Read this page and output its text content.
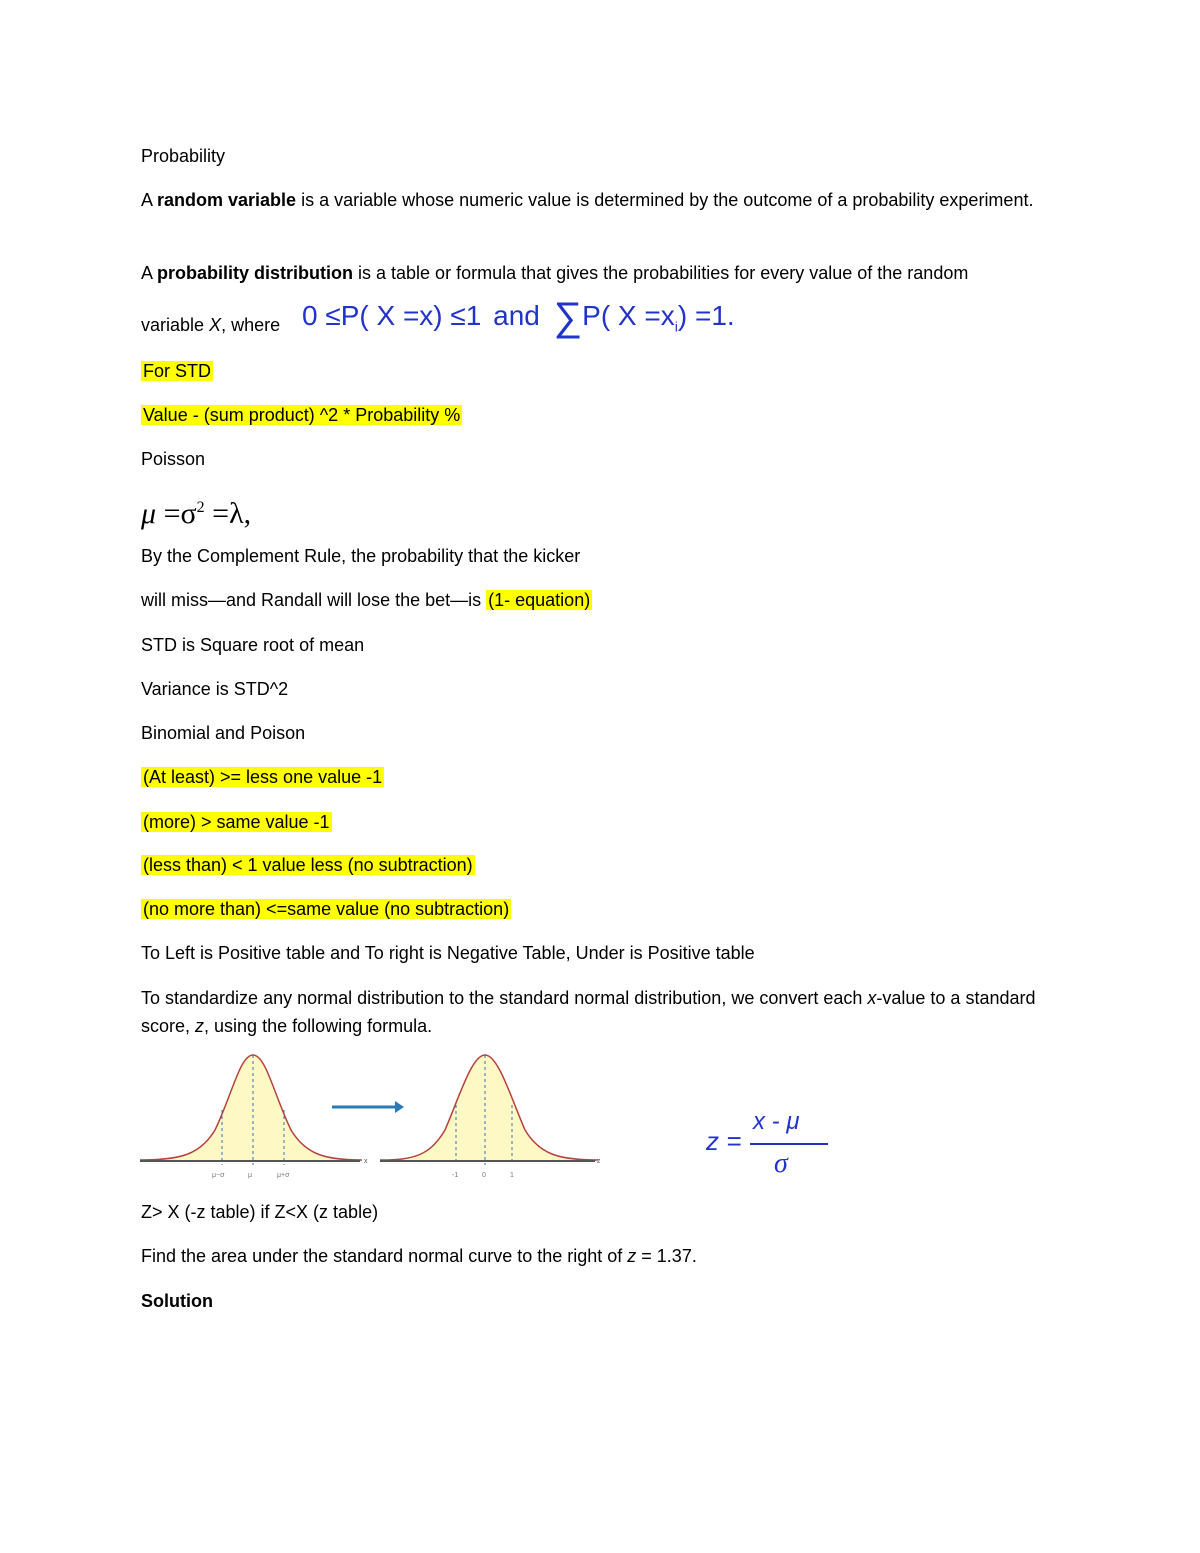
Probability
A random variable is a variable whose numeric value is determined by the outcome of a probability experiment.
A probability distribution is a table or formula that gives the probabilities for every value of the random
variable X, where 0 ≤P( X =x) ≤1 and ∑P( $X =x_i) =1$.
For STD
Value - (sum product) ^2 * Probability %
Poisson
$\mu =\sigma^2 =\lambda$,
By the Complement Rule, the probability that the kicker
will miss—and Randall will lose the bet—is (1- equation)
STD is Square root of mean
Variance is STD^2
Binomial and Poison
(At least) >= less one value -1
(more) > same value -1
(less than) < 1 value less (no subtraction)
(no more than) <=same value (no subtraction)
To Left is Positive table and To right is Negative Table, Under is Positive table
To standardize any normal distribution to the standard normal distribution, we convert each x-value to a standard score, z, using the following formula.
x
μ−σ	μ	μ+σ
z
-1	0	1
z =
x - μ
σ
Z> X (-z table) if Z<X (z table)
Find the area under the standard normal curve to the right of z = 1.37.
Solution
